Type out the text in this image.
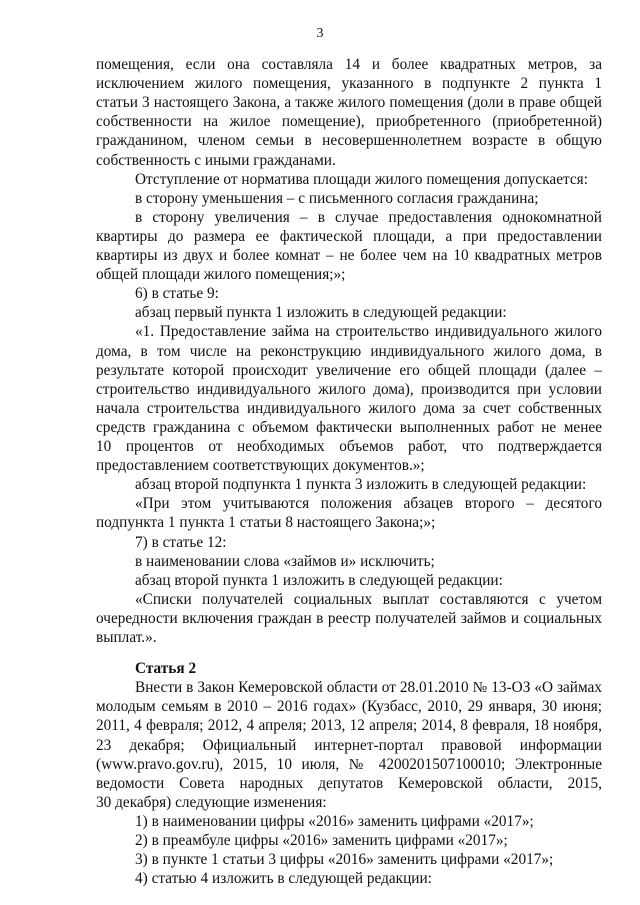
3
помещения, если она составляла 14 и более квадратных метров, за
исключением жилого помещения, указанного в подпункте 2 пункта 1
статьи 3 настоящего Закона, а также жилого помещения (доли в праве общей
собственности на жилое помещение), приобретенного (приобретенной)
гражданином, членом семьи в несовершеннолетнем возрасте в общую
собственность с иными гражданами.
Отступление от норматива площади жилого помещения допускается:
в сторону уменьшения – с письменного согласия гражданина;
в сторону увеличения – в случае предоставления однокомнатной
квартиры до размера ее фактической площади, а при предоставлении
квартиры из двух и более комнат – не более чем на 10 квадратных метров
общей площади жилого помещения;»;
6) в статье 9:
абзац первый пункта 1 изложить в следующей редакции:
«1. Предоставление займа на строительство индивидуального жилого
дома, в том числе на реконструкцию индивидуального жилого дома, в
результате которой происходит увеличение его общей площади (далее –
строительство индивидуального жилого дома), производится при условии
начала строительства индивидуального жилого дома за счет собственных
средств гражданина с объемом фактически выполненных работ не менее
10 процентов от необходимых объемов работ, что подтверждается
предоставлением соответствующих документов.»;
абзац второй подпункта 1 пункта 3 изложить в следующей редакции:
«При этом учитываются положения абзацев второго – десятого
подпункта 1 пункта 1 статьи 8 настоящего Закона;»;
7) в статье 12:
в наименовании слова «займов и» исключить;
абзац второй пункта 1 изложить в следующей редакции:
«Списки получателей социальных выплат составляются с учетом
очередности включения граждан в реестр получателей займов и социальных
выплат.».
Статья 2
Внести в Закон Кемеровской области от 28.01.2010 № 13-ОЗ «О займах
молодым семьям в 2010 – 2016 годах» (Кузбасс, 2010, 29 января, 30 июня;
2011, 4 февраля; 2012, 4 апреля; 2013, 12 апреля; 2014, 8 февраля, 18 ноября,
23 декабря; Официальный интернет-портал правовой информации
(www.pravo.gov.ru), 2015, 10 июля, № 4200201507100010; Электронные
ведомости Совета народных депутатов Кемеровской области, 2015,
30 декабря) следующие изменения:
1) в наименовании цифры «2016» заменить цифрами «2017»;
2) в преамбуле цифры «2016» заменить цифрами «2017»;
3) в пункте 1 статьи 3 цифры «2016» заменить цифрами «2017»;
4) статью 4 изложить в следующей редакции:
